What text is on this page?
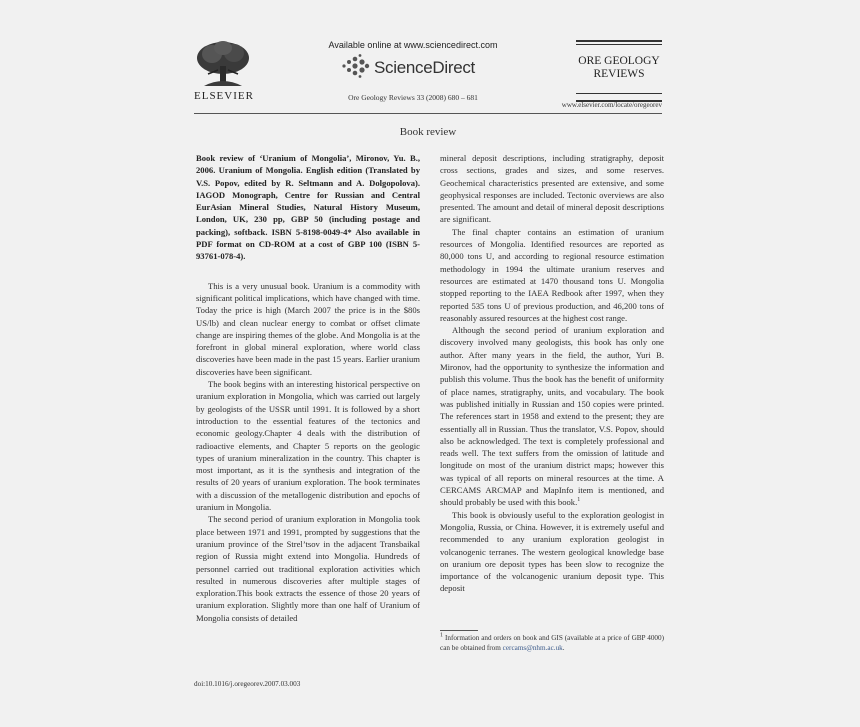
ELSEVIER
Available online at www.sciencedirect.com
ScienceDirect
Ore Geology Reviews 33 (2008) 680 – 681
ORE GEOLOGY
REVIEWS
www.elsevier.com/locate/oregeorev
Book review

Book review of ‘Uranium of Mongolia’, Mironov, Yu. B., 2006. Uranium of Mongolia. English edition (Translated by V.S. Popov, edited by R. Seltmann and A. Dolgopolova). IAGOD Monograph, Centre for Russian and Central EurAsian Mineral Studies, Natural History Museum, London, UK, 230 pp, GBP 50 (including postage and packing), softback. ISBN 5-8198-0049-4* Also available in PDF format on CD-ROM at a cost of GBP 100 (ISBN 5-93761-078-4).

This is a very unusual book. Uranium is a commodity with significant political implications, which have changed with time. Today the price is high (March 2007 the price is in the $80s US/lb) and clean nuclear energy to combat or offset climate change are inspiring themes of the globe. And Mongolia is at the forefront in global mineral exploration, where world class discoveries have been made in the past 15 years. Earlier uranium discoveries have been significant.

The book begins with an interesting historical perspective on uranium exploration in Mongolia, which was carried out largely by geologists of the USSR until 1991. It is followed by a short introduction to the essential features of the tectonics and economic geology.Chapter 4 deals with the distribution of radioactive elements, and Chapter 5 reports on the geologic types of uranium mineralization in the country. This chapter is most important, as it is the synthesis and integration of the results of 20 years of uranium exploration. The book terminates with a discussion of the metallogenic distribution and epochs of uranium in Mongolia.

The second period of uranium exploration in Mongolia took place between 1971 and 1991, prompted by suggestions that the uranium province of the Strel’tsov in the adjacent Transbaikal region of Russia might extend into Mongolia. Hundreds of personnel carried out traditional exploration activities which resulted in numerous discoveries after multiple stages of exploration.This book extracts the essence of those 20 years of uranium exploration. Slightly more than one half of Uranium of Mongolia consists of detailed

mineral deposit descriptions, including stratigraphy, deposit cross sections, grades and sizes, and some reserves. Geochemical characteristics presented are extensive, and some geophysical responses are included. Tectonic overviews are also presented. The amount and detail of mineral deposit descriptions are significant.

The final chapter contains an estimation of uranium resources of Mongolia. Identified resources are reported as 80,000 tons U, and according to regional resource estimation methodology in 1994 the ultimate uranium reserves and resources are estimated at 1470 thousand tons U. Mongolia stopped reporting to the IAEA Redbook after 1997, when they reported 535 tons U of previous production, and 46,200 tons of reasonably assured resources at the highest cost range.

Although the second period of uranium exploration and discovery involved many geologists, this book has only one author. After many years in the field, the author, Yuri B. Mironov, had the opportunity to synthesize the information and publish this volume. Thus the book has the benefit of uniformity of place names, stratigraphy, units, and vocabulary. The book was published initially in Russian and 150 copies were printed. The references start in 1958 and extend to the present; they are essentially all in Russian. Thus the translator, V.S. Popov, should also be acknowledged. The text is completely professional and reads well. The text suffers from the omission of latitude and longitude on most of the uranium district maps; however this was typical of all reports on mineral resources at the time. A CERCAMS ARCMAP and MapInfo item is mentioned, and should probably be used with this book.$^1$

This book is obviously useful to the exploration geologist in Mongolia, Russia, or China. However, it is extremely useful and recommended to any uranium exploration geologist in volcanogenic terranes. The western geological knowledge base on uranium ore deposit types has been slow to recognize the importance of the volcanogenic uranium deposit type. This deposit

$^1$ Information and orders on book and GIS (available at a price of GBP 4000) can be obtained from cercams@nhm.ac.uk.
doi:10.1016/j.oregeorev.2007.03.003
